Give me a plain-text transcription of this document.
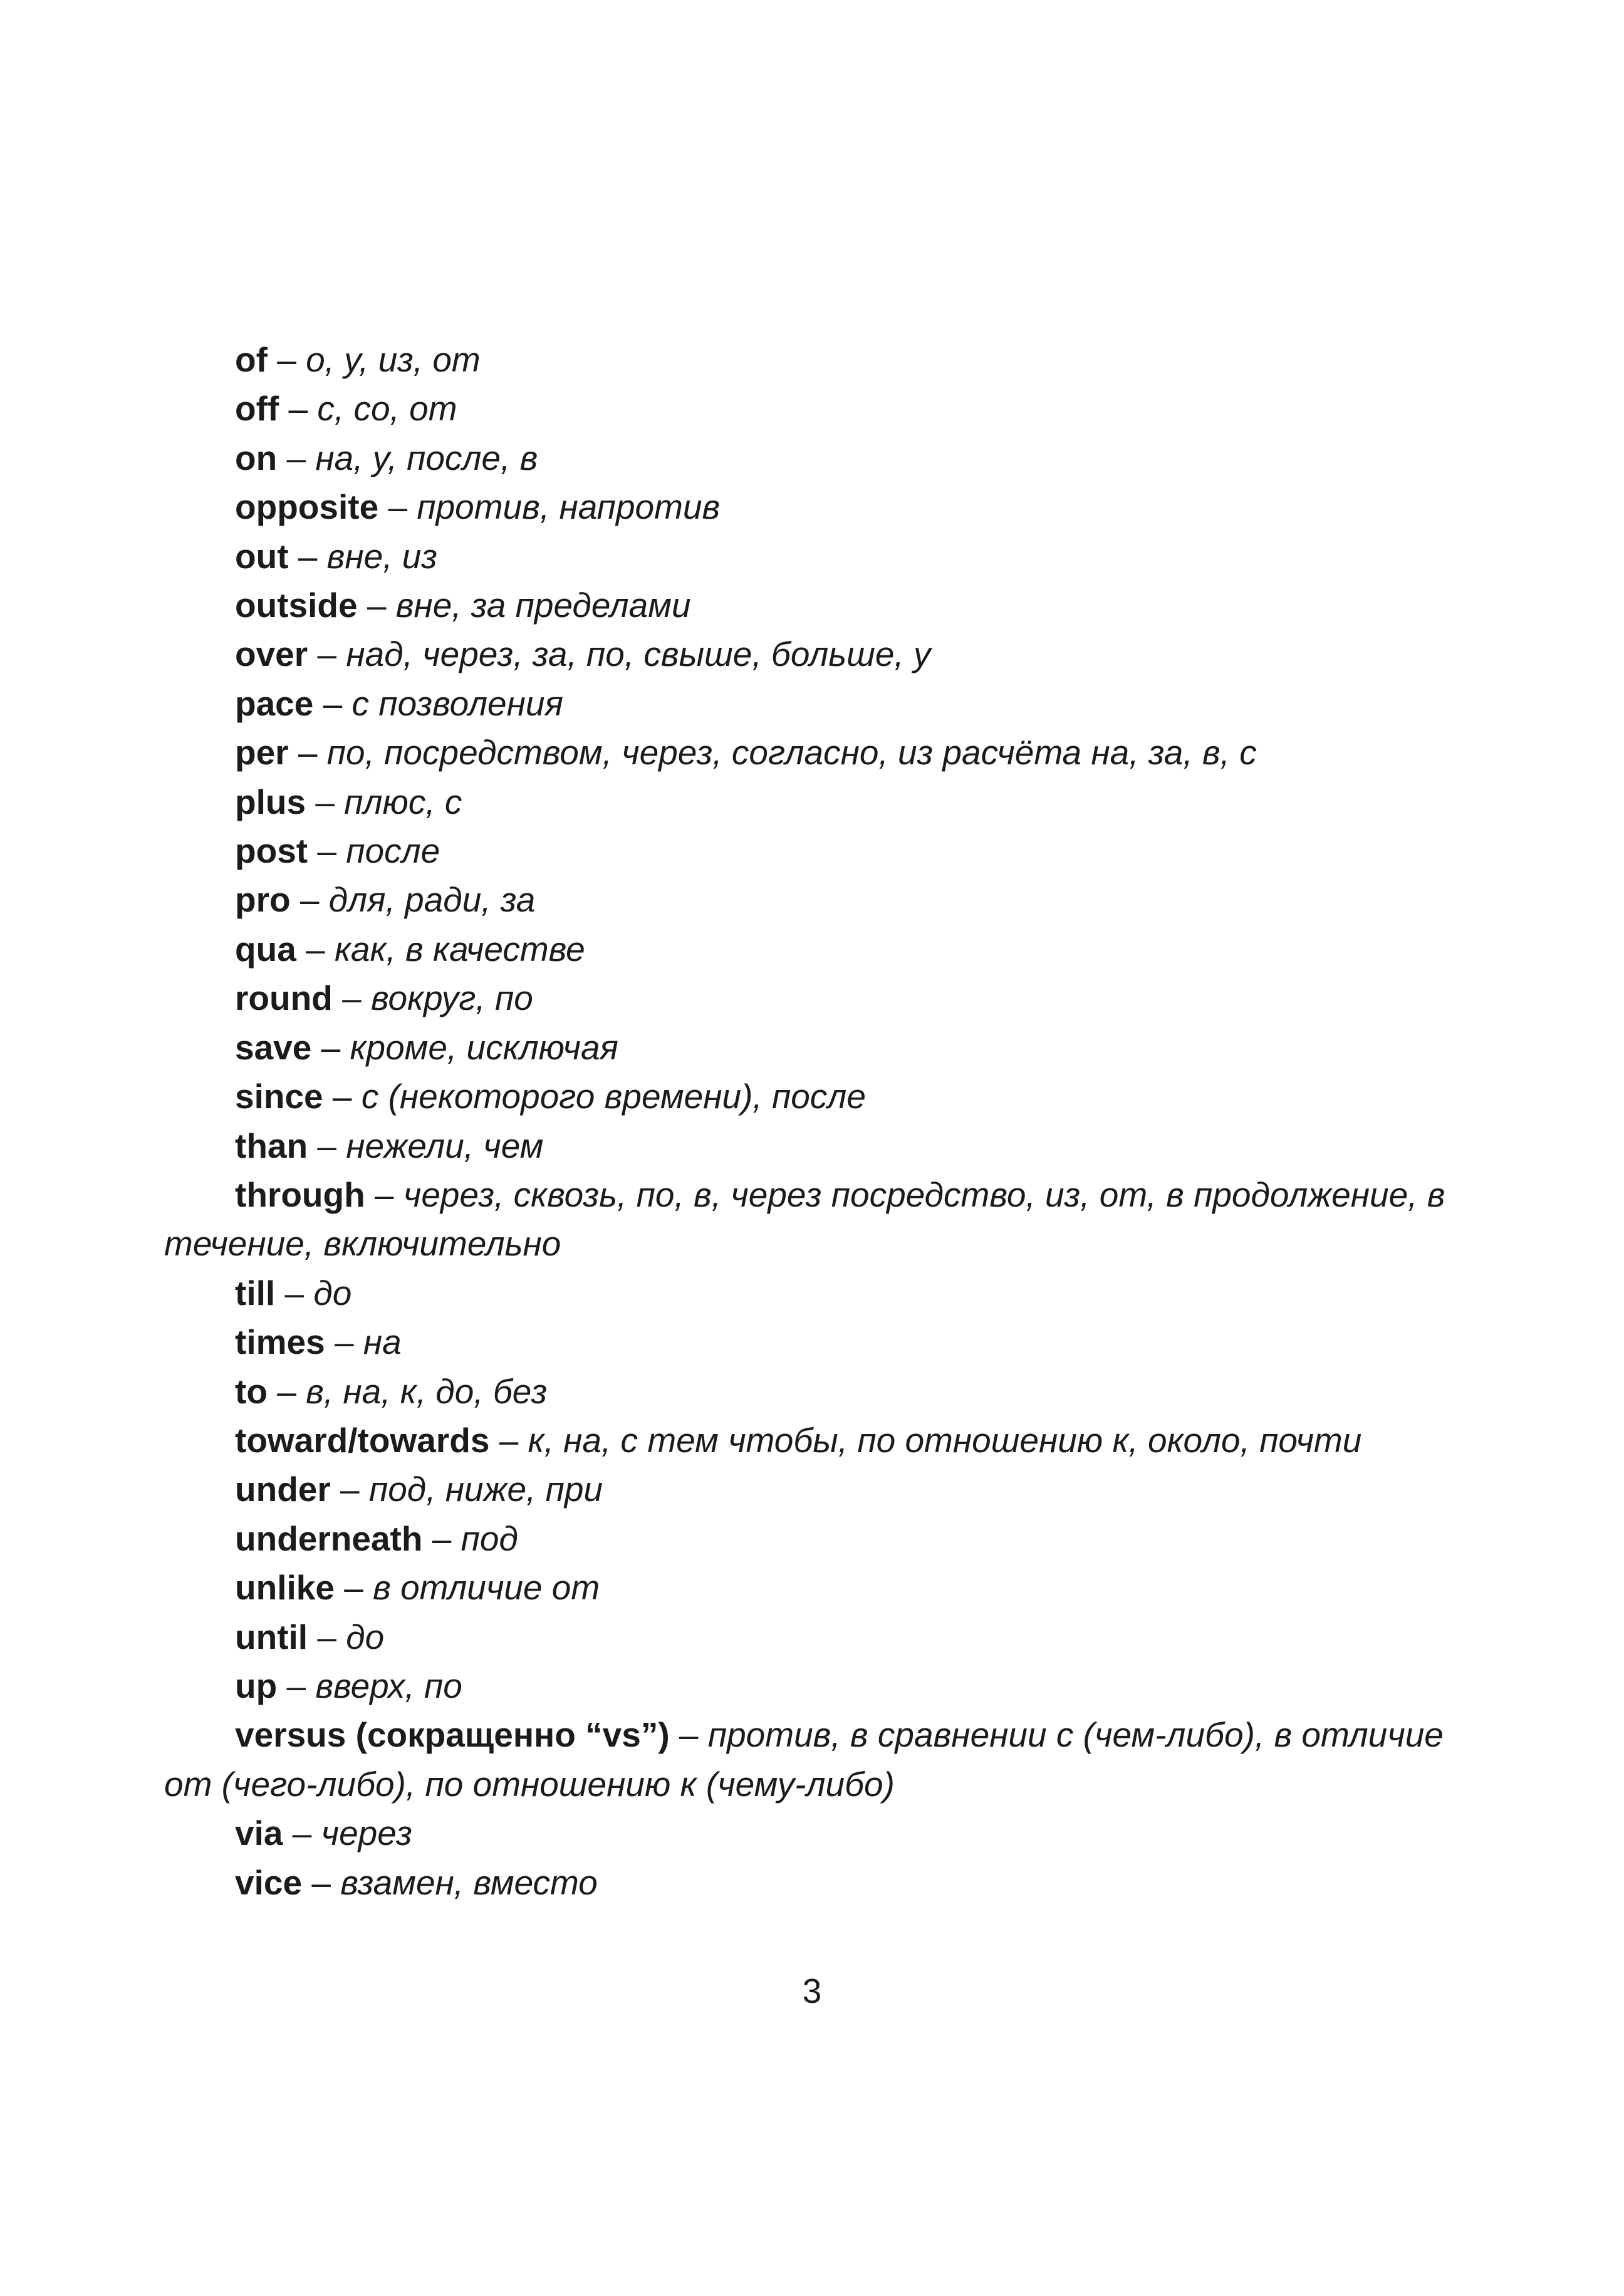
of – о, у, из, от

off – с, со, от

on – на, у, после, в

opposite – против, напротив

out – вне, из

outside – вне, за пределами

over – над, через, за, по, свыше, больше, у

pace – с позволения

per – по, посредством, через, согласно, из расчёта на, за, в, с

plus – плюс, с

post – после

pro – для, ради, за

qua – как, в качестве

round – вокруг, по

save – кроме, исключая

since – с (некоторого времени), после

than – нежели, чем

through – через, сквозь, по, в, через посредство, из, от, в продолжение, в течение, включительно

till – до

times – на

to – в, на, к, до, без

toward/towards – к, на, с тем чтобы, по отношению к, около, почти

under – под, ниже, при

underneath – под

unlike – в отличие от

until – до

up – вверх, по

versus (сокращенно “vs”) – против, в сравнении с (чем-либо), в отличие от (чего-либо), по отношению к (чему-либо)

via – через

vice – взамен, вместо

3
